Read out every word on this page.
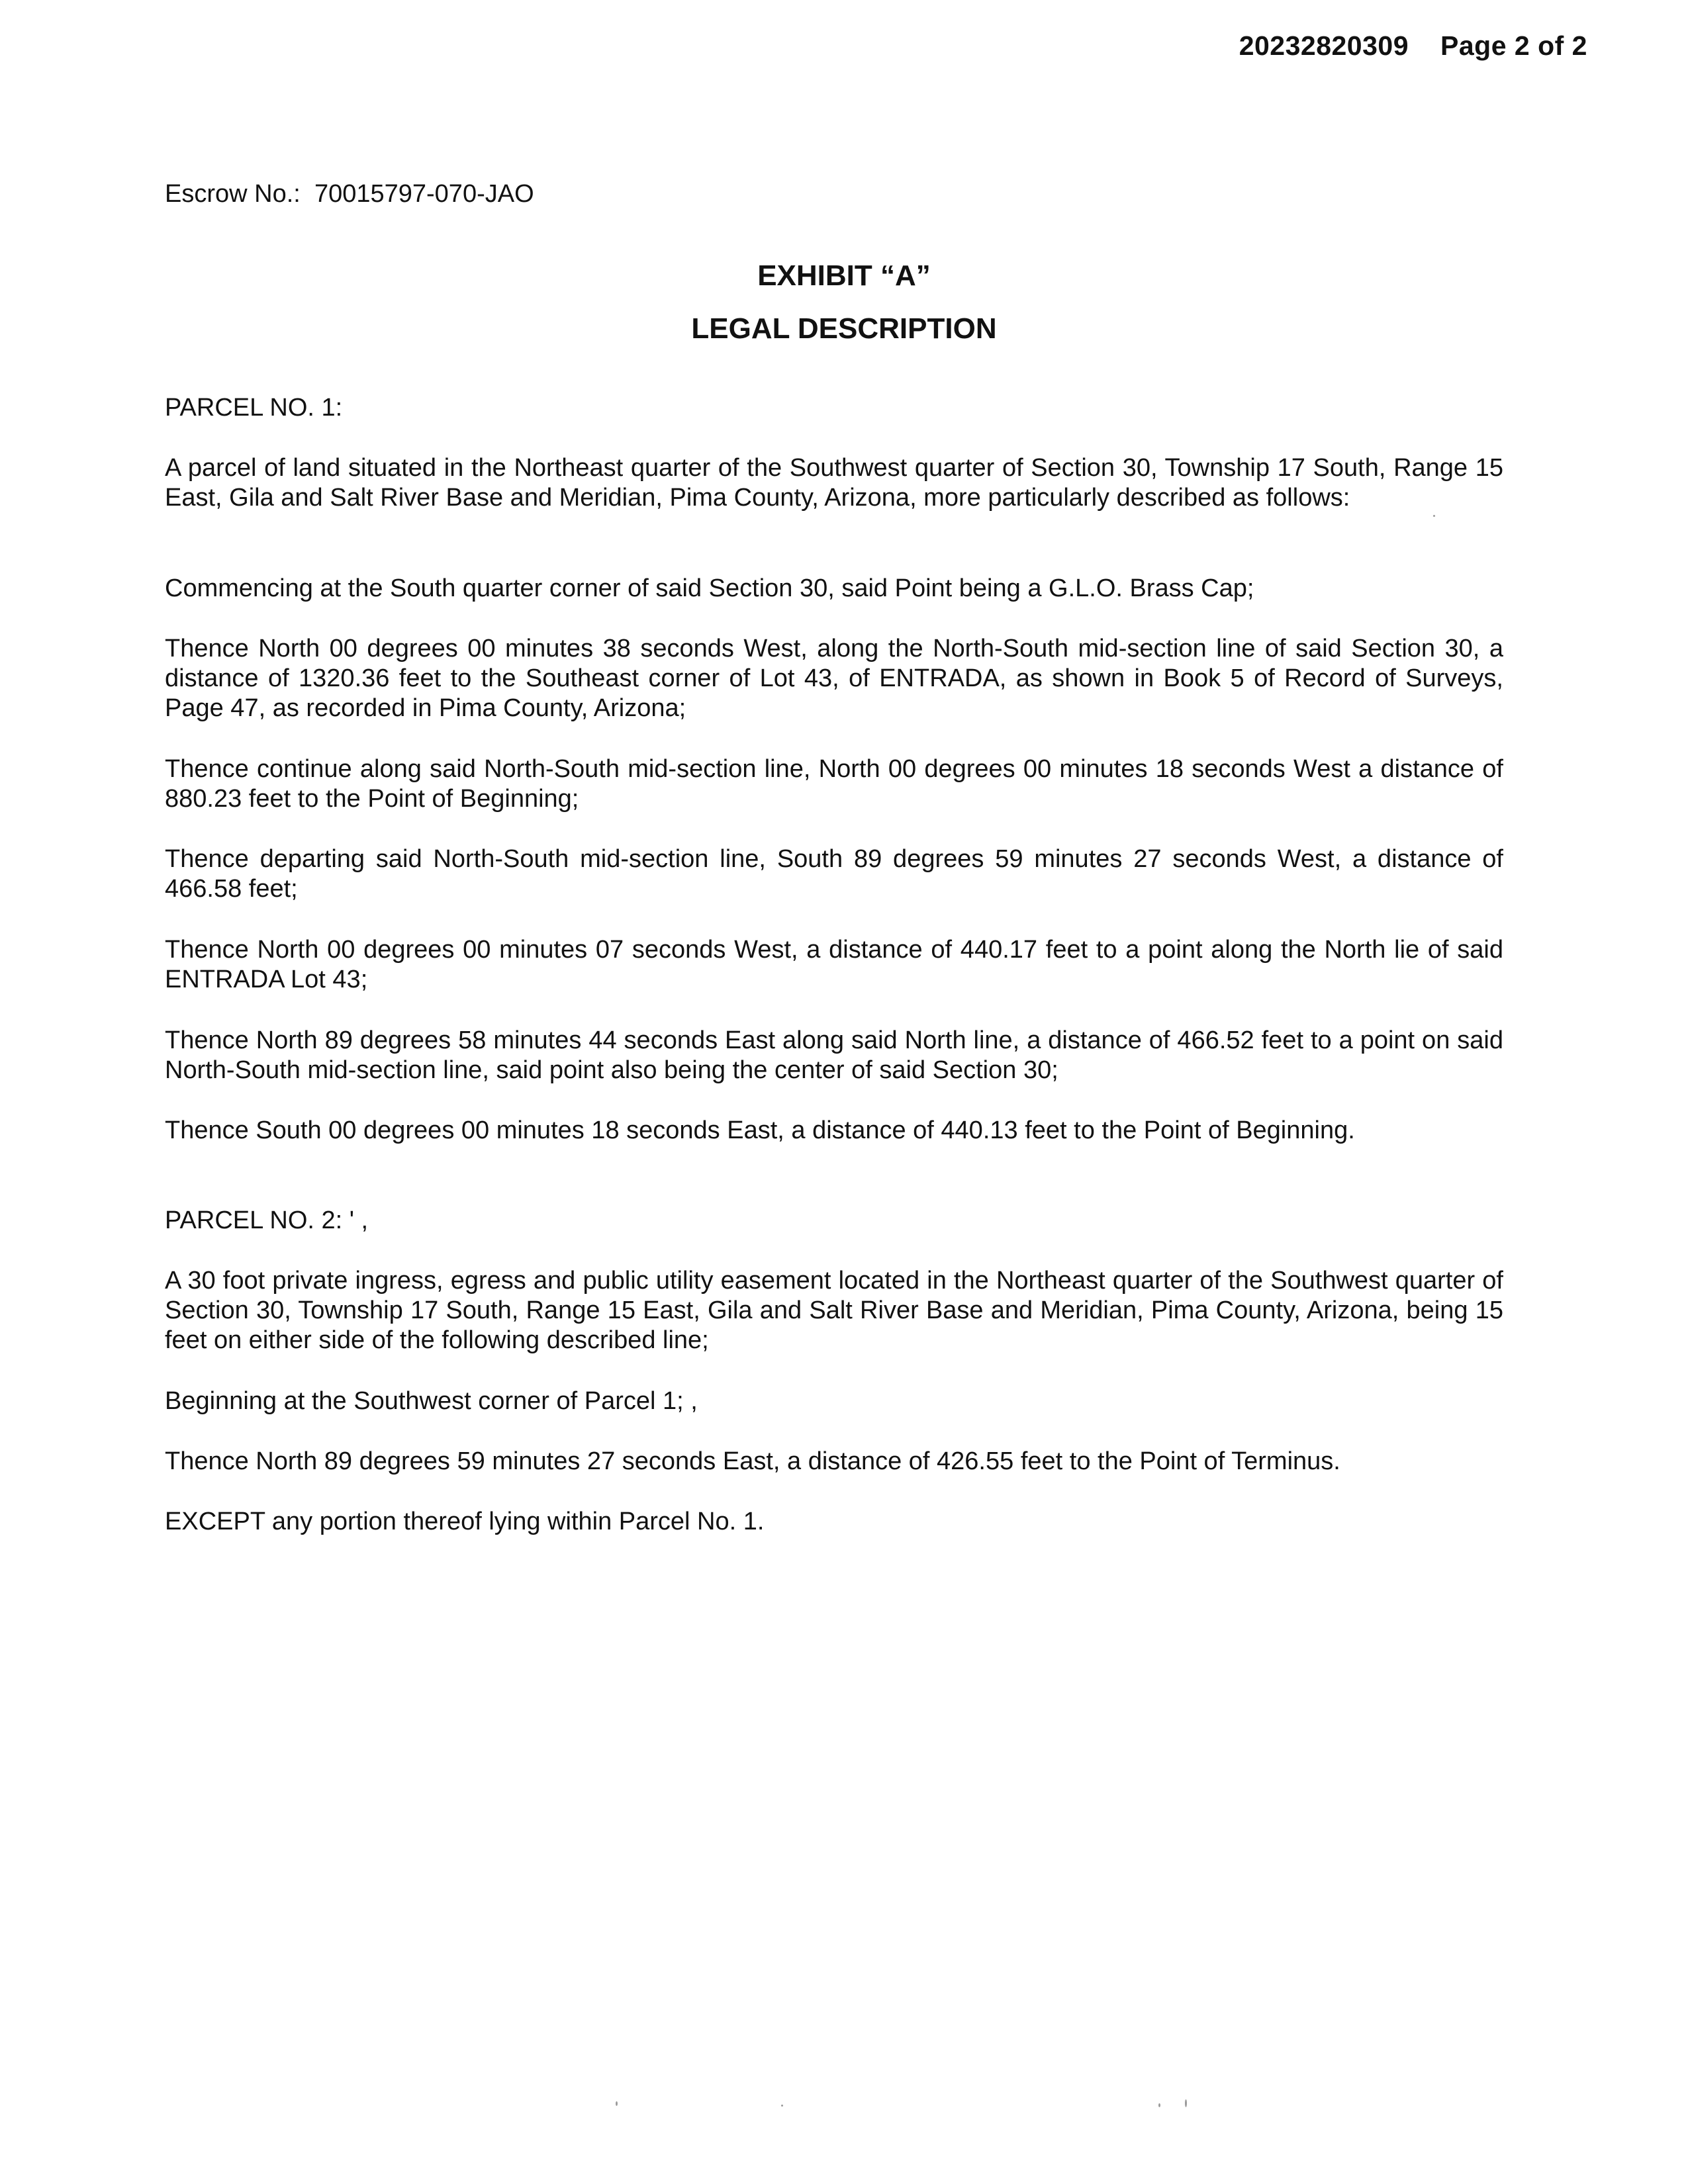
20232820309 Page 2 of 2
Escrow No.: 70015797-070-JAO
EXHIBIT “A”
LEGAL DESCRIPTION

PARCEL NO. 1:

A parcel of land situated in the Northeast quarter of the Southwest quarter of Section 30, Township 17 South, Range 15 East, Gila and Salt River Base and Meridian, Pima County, Arizona, more particularly described as follows:

Commencing at the South quarter corner of said Section 30, said Point being a G.L.O. Brass Cap;

Thence North 00 degrees 00 minutes 38 seconds West, along the North-South mid-section line of said Section 30, a distance of 1320.36 feet to the Southeast corner of Lot 43, of ENTRADA, as shown in Book 5 of Record of Surveys, Page 47, as recorded in Pima County, Arizona;

Thence continue along said North-South mid-section line, North 00 degrees 00 minutes 18 seconds West a distance of 880.23 feet to the Point of Beginning;

Thence departing said North-South mid-section line, South 89 degrees 59 minutes 27 seconds West, a distance of 466.58 feet;

Thence North 00 degrees 00 minutes 07 seconds West, a distance of 440.17 feet to a point along the North lie of said ENTRADA Lot 43;

Thence North 89 degrees 58 minutes 44 seconds East along said North line, a distance of 466.52 feet to a point on said North-South mid-section line, said point also being the center of said Section 30;

Thence South 00 degrees 00 minutes 18 seconds East, a distance of 440.13 feet to the Point of Beginning.

PARCEL NO. 2: ' ,

A 30 foot private ingress, egress and public utility easement located in the Northeast quarter of the Southwest quarter of Section 30, Township 17 South, Range 15 East, Gila and Salt River Base and Meridian, Pima County, Arizona, being 15 feet on either side of the following described line;

Beginning at the Southwest corner of Parcel 1; ,

Thence North 89 degrees 59 minutes 27 seconds East, a distance of 426.55 feet to the Point of Terminus.

EXCEPT any portion thereof lying within Parcel No. 1.
